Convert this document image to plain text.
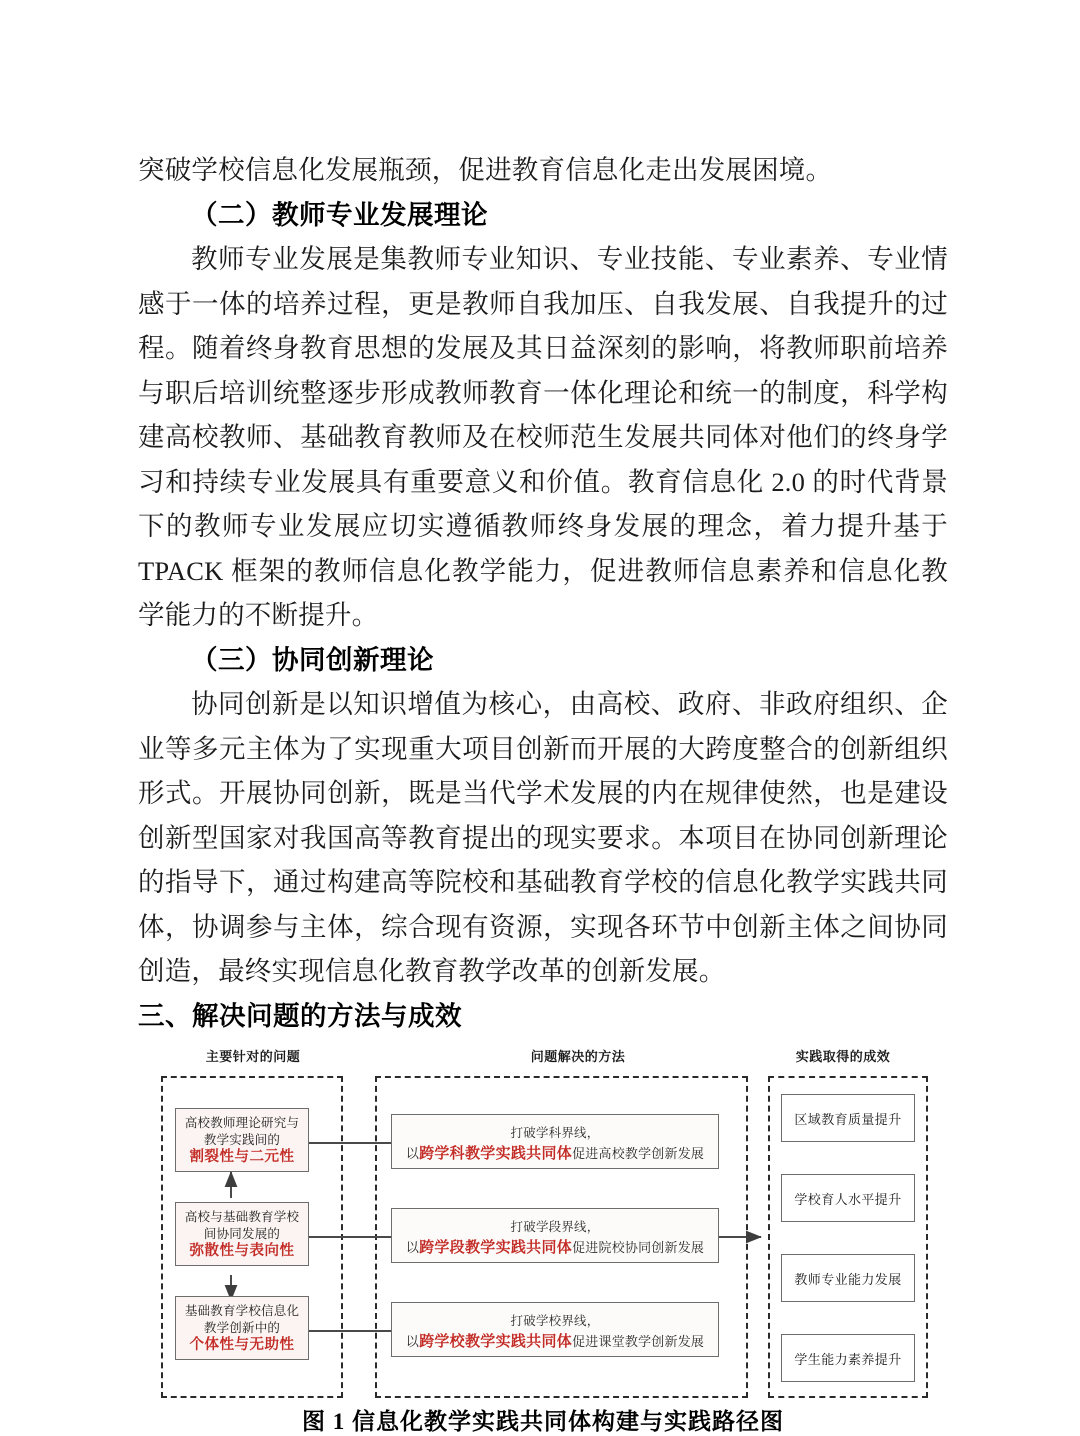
突破学校信息化发展瓶颈，促进教育信息化走出发展困境。

（二）教师专业发展理论

教师专业发展是集教师专业知识、专业技能、专业素养、专业情感于一体的培养过程，更是教师自我加压、自我发展、自我提升的过程。随着终身教育思想的发展及其日益深刻的影响，将教师职前培养与职后培训统整逐步形成教师教育一体化理论和统一的制度，科学构建高校教师、基础教育教师及在校师范生发展共同体对他们的终身学习和持续专业发展具有重要意义和价值。教育信息化 2.0 的时代背景下的教师专业发展应切实遵循教师终身发展的理念，着力提升基于 TPACK 框架的教师信息化教学能力，促进教师信息素养和信息化教学能力的不断提升。

（三）协同创新理论

协同创新是以知识增值为核心，由高校、政府、非政府组织、企业等多元主体为了实现重大项目创新而开展的大跨度整合的创新组织形式。开展协同创新，既是当代学术发展的内在规律使然，也是建设创新型国家对我国高等教育提出的现实要求。本项目在协同创新理论的指导下，通过构建高等院校和基础教育学校的信息化教学实践共同体，协调参与主体，综合现有资源，实现各环节中创新主体之间协同创造，最终实现信息化教育教学改革的创新发展。

三、解决问题的方法与成效

主要针对的问题	问题解决的方法	实践取得的成效
高校教师理论研究与
教学实践间的
割裂性与二元性
高校与基础教育学校
间协同发展的
弥散性与表向性
基础教育学校信息化
教学创新中的
个体性与无助性
打破学科界线，
以跨学科教学实践共同体促进高校教学创新发展
打破学段界线，
以跨学段教学实践共同体促进院校协同创新发展
打破学校界线，
以跨学校教学实践共同体促进课堂教学创新发展
区域教育质量提升
学校育人水平提升
教师专业能力发展
学生能力素养提升
图 1 信息化教学实践共同体构建与实践路径图
